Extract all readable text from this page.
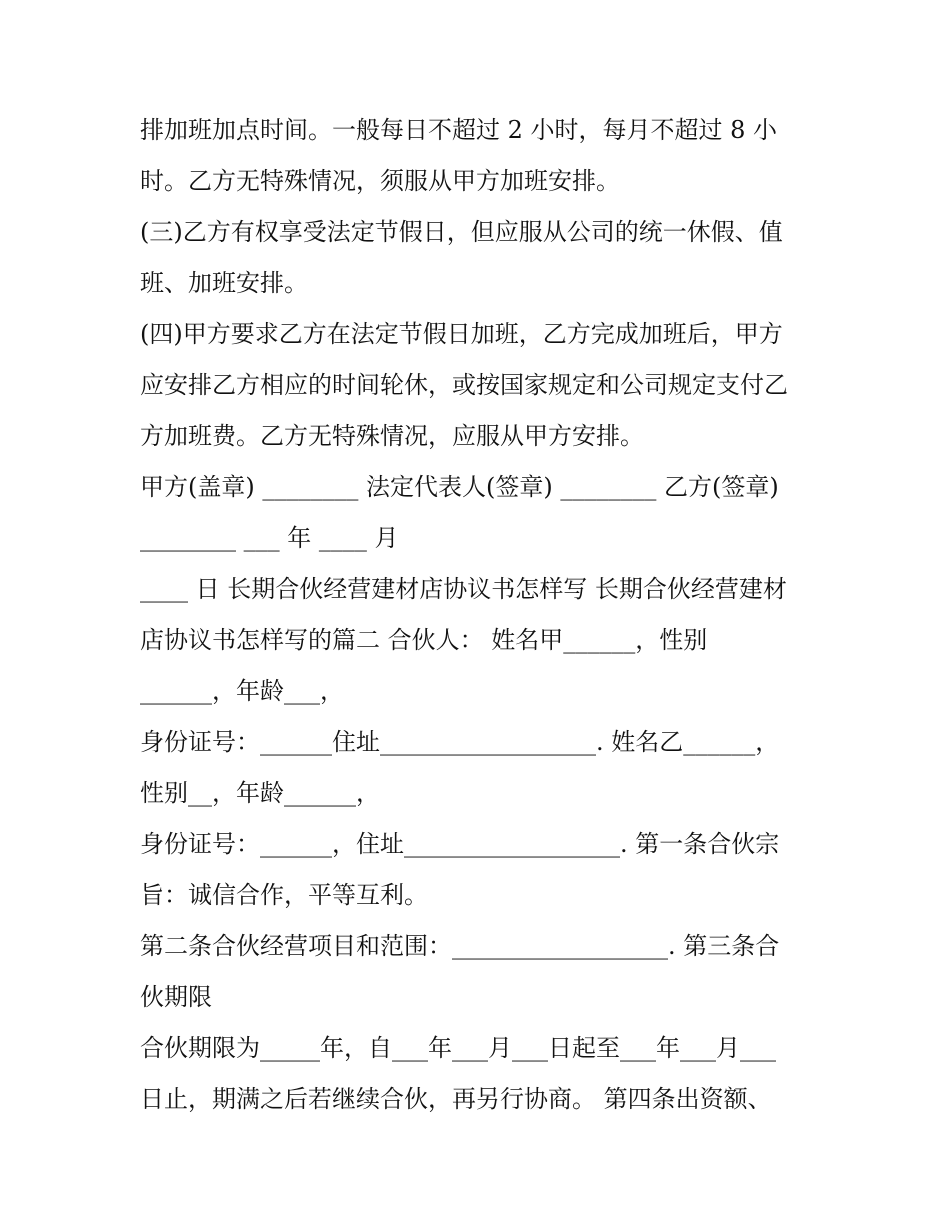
排加班加点时间。一般每日不超过 2 小时，每月不超过 8 小

时。乙方无特殊情况，须服从甲方加班安排。

(三)乙方有权享受法定节假日，但应服从公司的统一休假、值

班、加班安排。

(四)甲方要求乙方在法定节假日加班，乙方完成加班后，甲方

应安排乙方相应的时间轮休，或按国家规定和公司规定支付乙

方加班费。乙方无特殊情况，应服从甲方安排。

甲方(盖章) ________ 法定代表人(签章) ________ 乙方(签章)

________ ___ 年 ____ 月

____ 日 长期合伙经营建材店协议书怎样写 长期合伙经营建材

店协议书怎样写的篇二 合伙人： 姓名甲______，性别

______，年龄___，

身份证号：______住址__________________. 姓名乙______，

性别__，年龄______，

身份证号：______，住址__________________. 第一条合伙宗

旨：诚信合作，平等互利。

第二条合伙经营项目和范围：__________________. 第三条合

伙期限

合伙期限为_____年，自___年___月___日起至___年___月___

日止，期满之后若继续合伙，再另行协商。 第四条出资额、
